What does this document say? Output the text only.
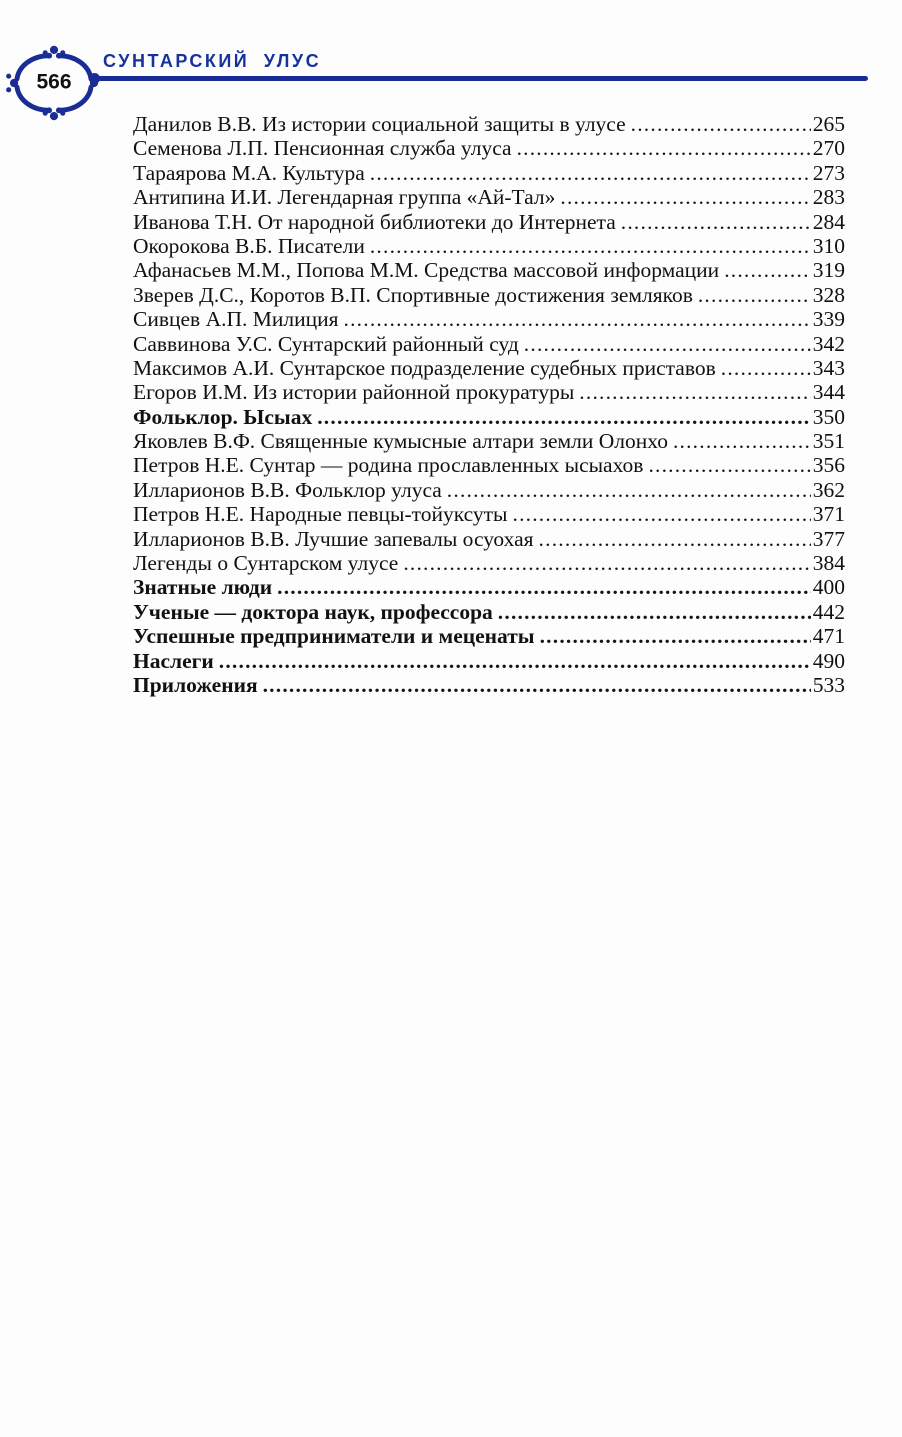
566
СУНТАРСКИЙ УЛУС
Данилов В.В. Из истории социальной защиты в улусе .....	265
Семенова Л.П. Пенсионная служба улуса .....	270
Тараярова М.А. Культура .....	273
Антипина И.И. Легендарная группа «Ай-Тал» .....	283
Иванова Т.Н. От народной библиотеки до Интернета .....	284
Окорокова В.Б. Писатели .....	310
Афанасьев М.М., Попова М.М. Средства массовой информации .....	319
Зверев Д.С., Коротов В.П. Спортивные достижения земляков .....	328
Сивцев А.П. Милиция .....	339
Саввинова У.С. Сунтарский районный суд .....	342
Максимов А.И. Сунтарское подразделение судебных приставов .....	343
Егоров И.М. Из истории районной прокуратуры .....	344
Фольклор. Ысыах .....	350
Яковлев В.Ф. Священные кумысные алтари земли Олонхо .....	351
Петров Н.Е. Сунтар — родина прославленных ысыахов .....	356
Илларионов В.В. Фольклор улуса .....	362
Петров Н.Е. Народные певцы-тойуксуты .....	371
Илларионов В.В. Лучшие запевалы осуохая .....	377
Легенды о Сунтарском улусе .....	384
Знатные люди .....	400
Ученые — доктора наук, профессора .....	442
Успешные предприниматели и меценаты .....	471
Наслеги .....	490
Приложения .....	533
